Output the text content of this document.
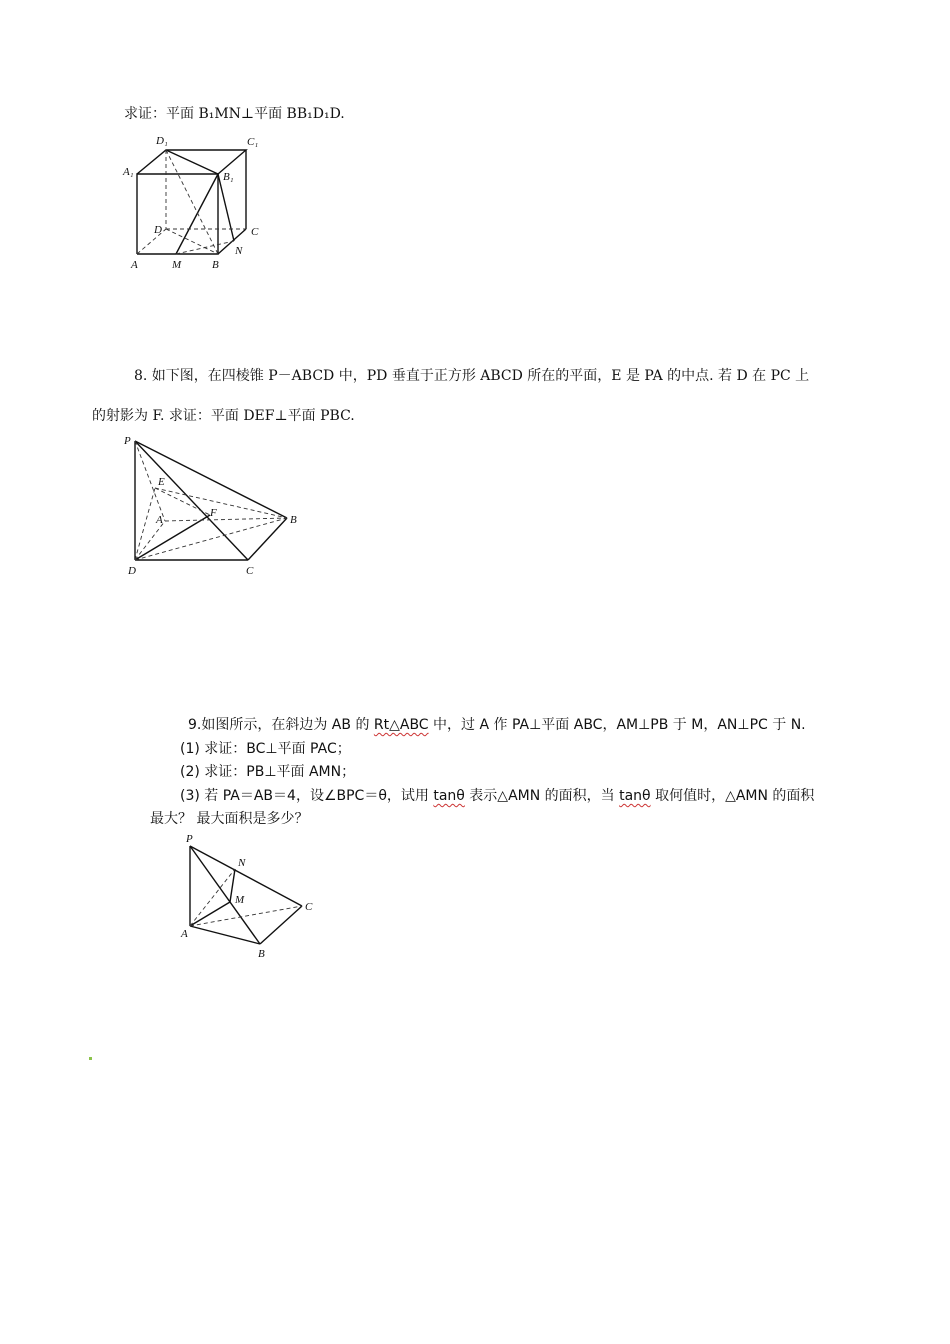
求证：平面 B₁MN⊥平面 BB₁D₁D.
D₁	C₁
A₁	B₁
D	C
A	M	B
N
8. 如下图，在四棱锥 P－ABCD 中，PD 垂直于正方形 ABCD 所在的平面，E 是 PA 的中点. 若 D 在 PC 上
的射影为 F. 求证：平面 DEF⊥平面 PBC.
P
E
A
F
B
D	C
9.如图所示，在斜边为 AB 的 Rt△ABC 中，过 A 作 PA⊥平面 ABC，AM⊥PB 于 M，AN⊥PC 于 N.
(1) 求证：BC⊥平面 PAC；
(2) 求证：PB⊥平面 AMN；
(3) 若 PA＝AB＝4，设∠BPC＝θ，试用 tanθ 表示△AMN 的面积，当 tanθ 取何值时，△AMN 的面积
最大？ 最大面积是多少？
P
N
M
C
A
B
